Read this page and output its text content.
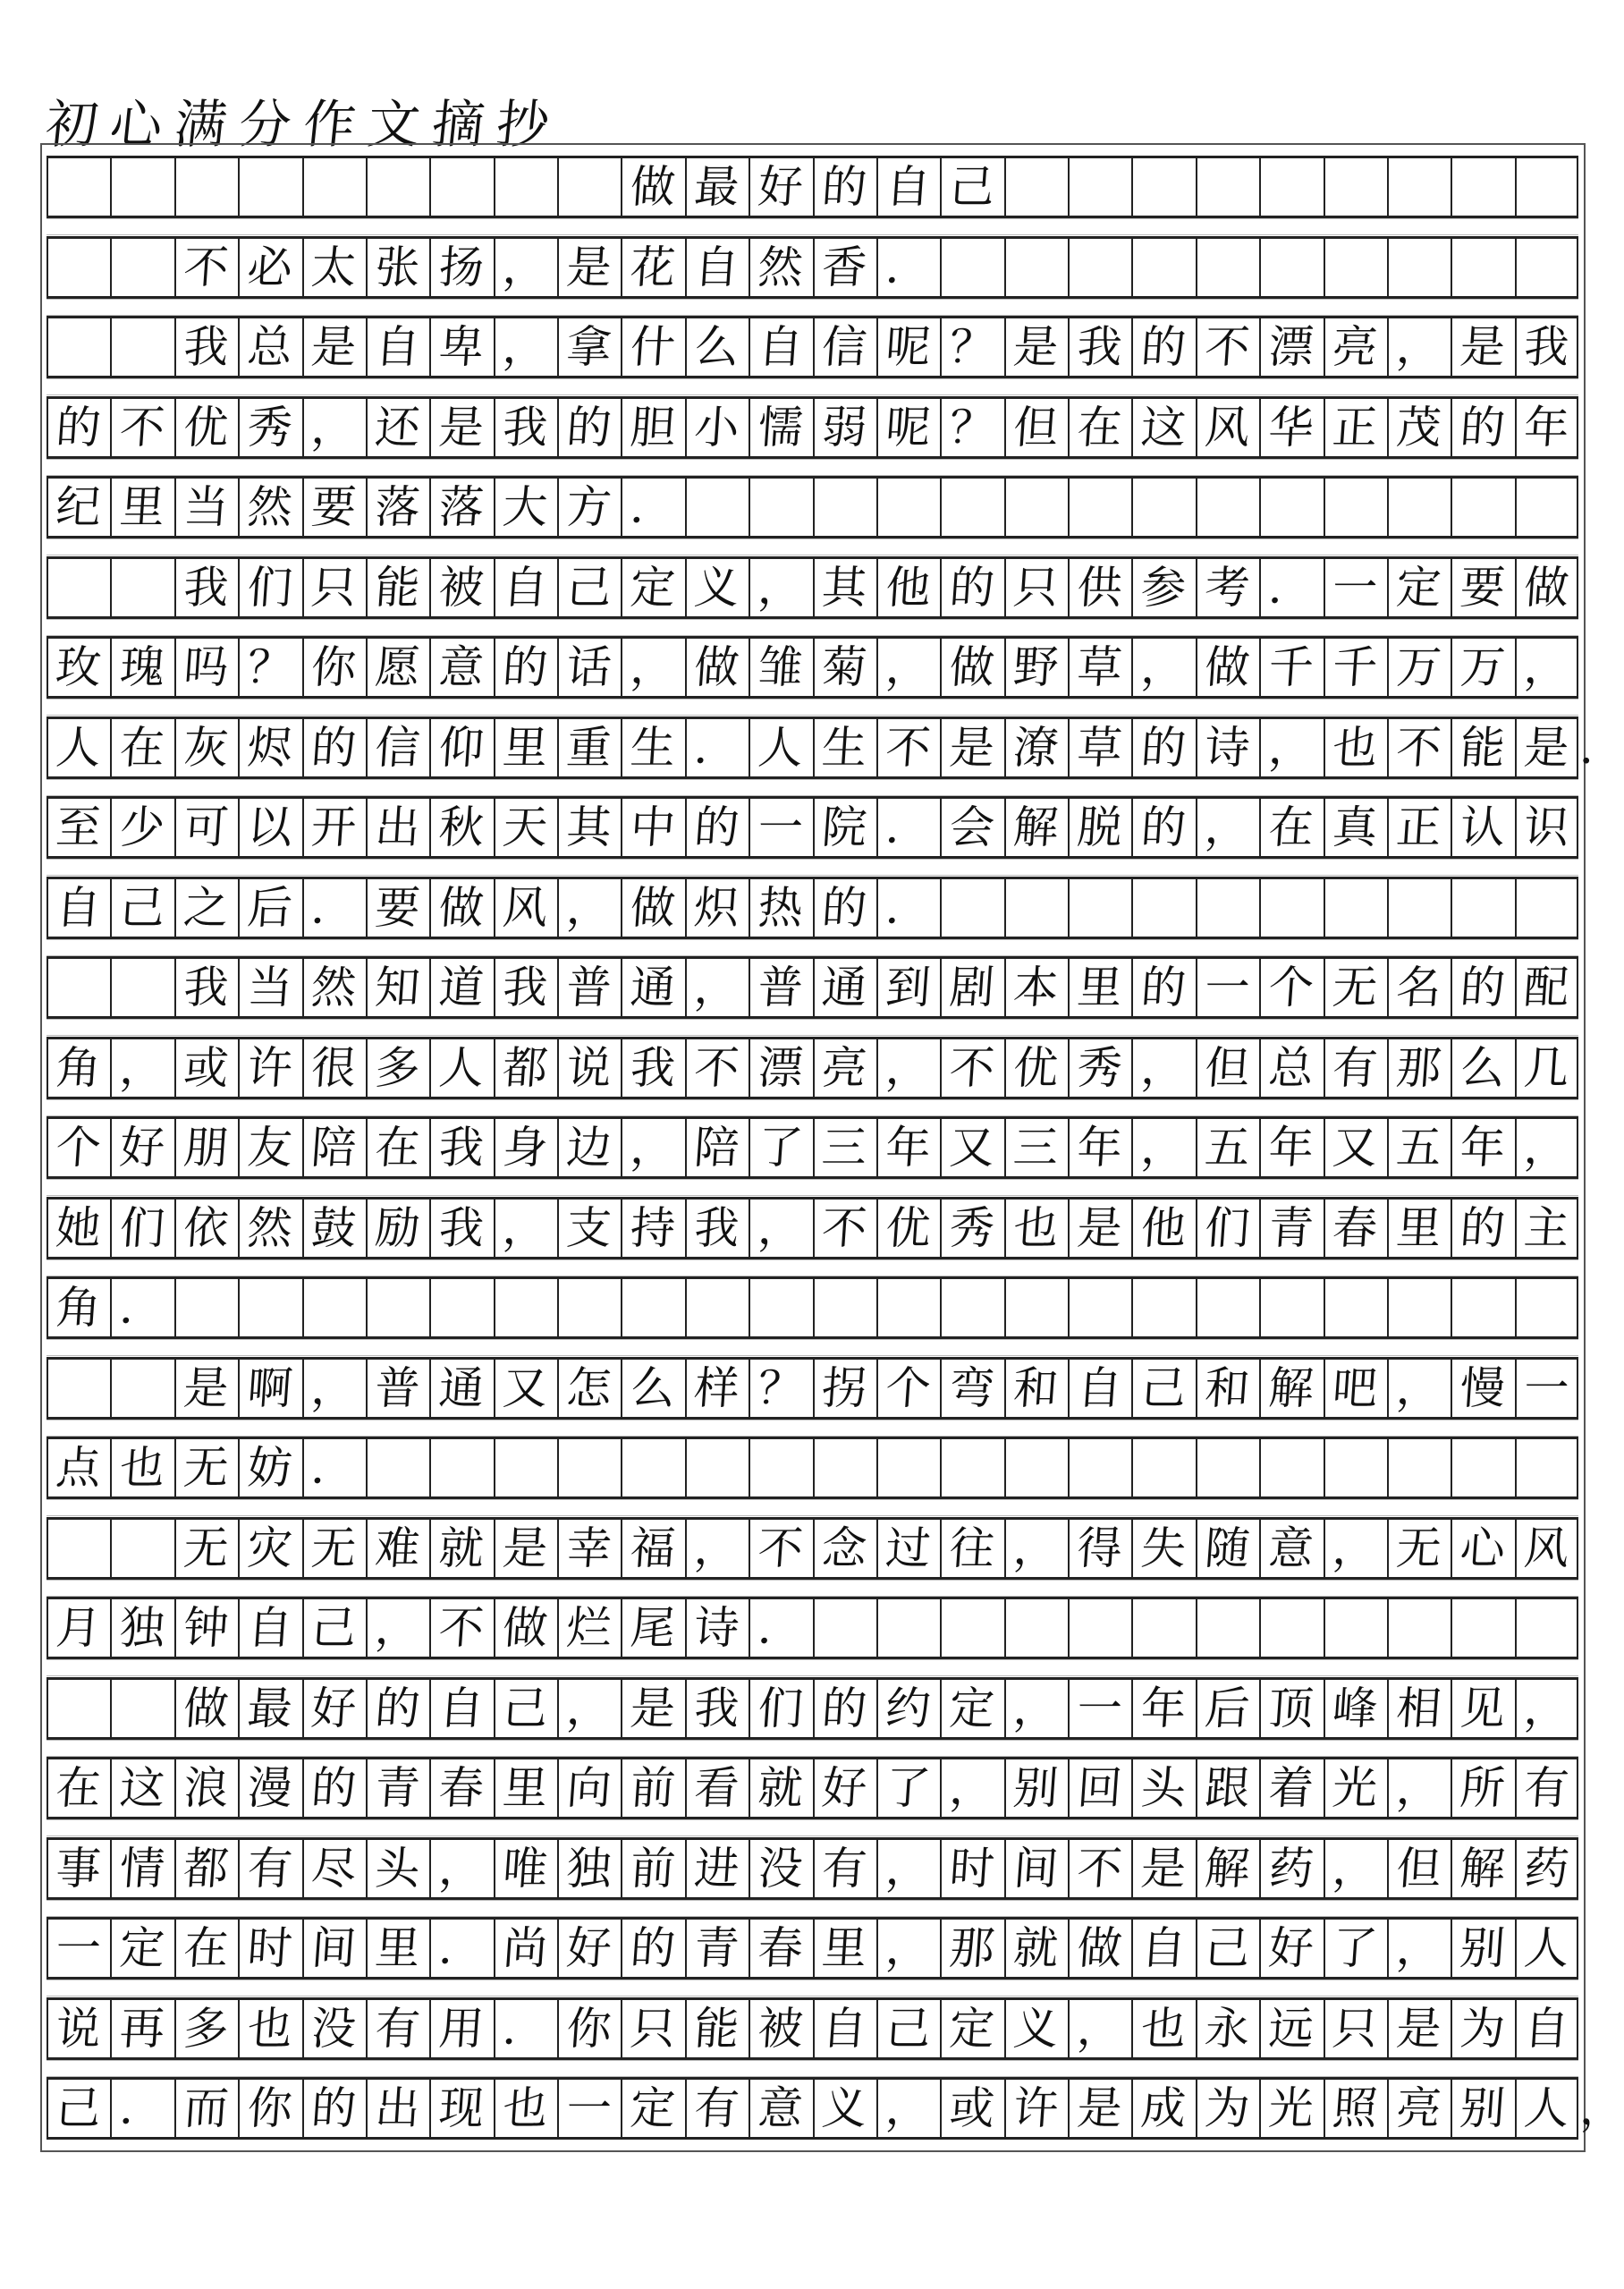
初心满分作文摘抄
　　　　　　　　　做最好的自己
　　不必太张扬，是花自然香．
　　我总是自卑，拿什么自信呢？是我的不漂亮，是我
的不优秀，还是我的胆小懦弱呢？但在这风华正茂的年
纪里当然要落落大方．
　　我们只能被自己定义，其他的只供参考．一定要做
玫瑰吗？你愿意的话，做雏菊，做野草，做千千万万，
人在灰烬的信仰里重生．人生不是潦草的诗，也不能是
．
至少可以开出秋天其中的一院．会解脱的，在真正认识
自己之后．要做风，做炽热的．
　　我当然知道我普通，普通到剧本里的一个无名的配
角，或许很多人都说我不漂亮，不优秀，但总有那么几
个好朋友陪在我身边，陪了三年又三年，五年又五年，
她们依然鼓励我，支持我，不优秀也是他们青春里的主
角．
　　是啊，普通又怎么样？拐个弯和自己和解吧，慢一
点也无妨．
　　无灾无难就是幸福，不念过往，得失随意，无心风
月独钟自己，不做烂尾诗．
　　做最好的自己，是我们的约定，一年后顶峰相见，
在这浪漫的青春里向前看就好了，别回头跟着光，所有
事情都有尽头，唯独前进没有，时间不是解药，但解药
一定在时间里．尚好的青春里，那就做自己好了，别人
说再多也没有用．你只能被自己定义，也永远只是为自
己．而你的出现也一定有意义，或许是成为光照亮别人
，
